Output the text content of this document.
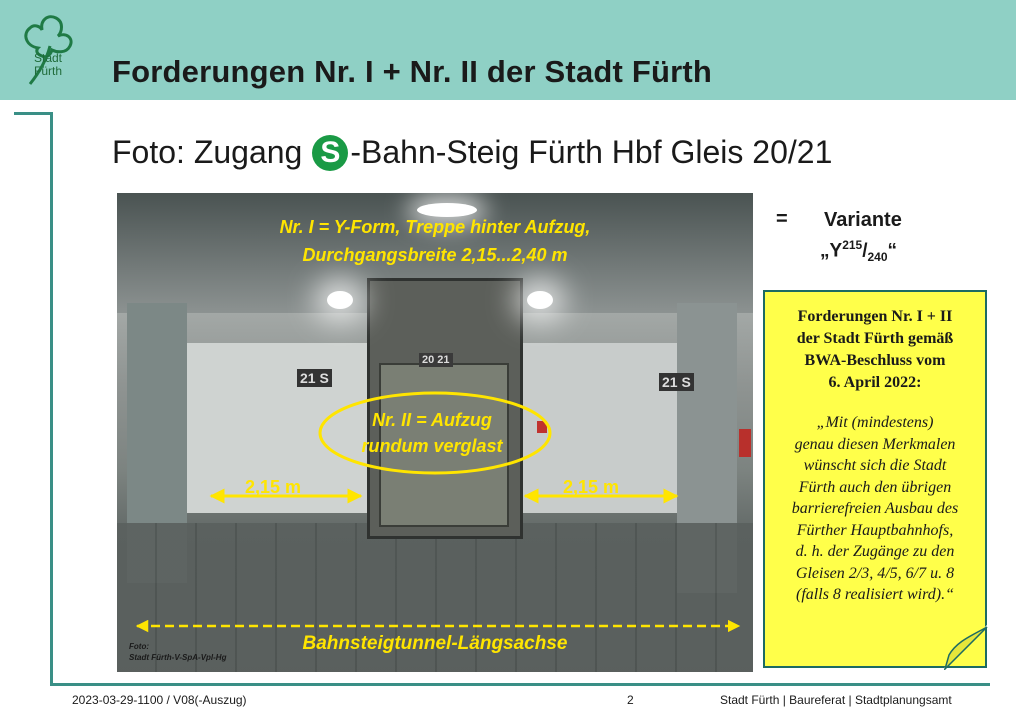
Stadt
Fürth Forderungen Nr. I + Nr. II der Stadt Fürth
Foto: Zugang S -Bahn-Steig Fürth Hbf Gleis 20/21
21 S	21 S
20 21
Nr. I = Y-Form, Treppe hinter Aufzug,
Durchgangsbreite 2,15...2,40 m
Nr. II = Aufzug
rundum verglast
2,15 m	2,15 m
Bahnsteigtunnel-Längsachse
Foto:
Stadt Fürth-V-SpA-Vpl-Hg
= Variante
$„Y^{215}/_{240}“$
Forderungen Nr. I + II
der Stadt Fürth gemäß
BWA-Beschluss vom
6. April 2022:
„Mit (mindestens)
genau diesen Merkmalen
wünscht sich die Stadt
Fürth auch den übrigen
barrierefreien Ausbau des
Fürther Hauptbahnhofs,
d. h. der Zugänge zu den
Gleisen 2/3, 4/5, 6/7 u. 8
(falls 8 realisiert wird).“
2023-03-29-1100 / V08(-Auszug)	2	Stadt Fürth | Baureferat | Stadtplanungsamt
